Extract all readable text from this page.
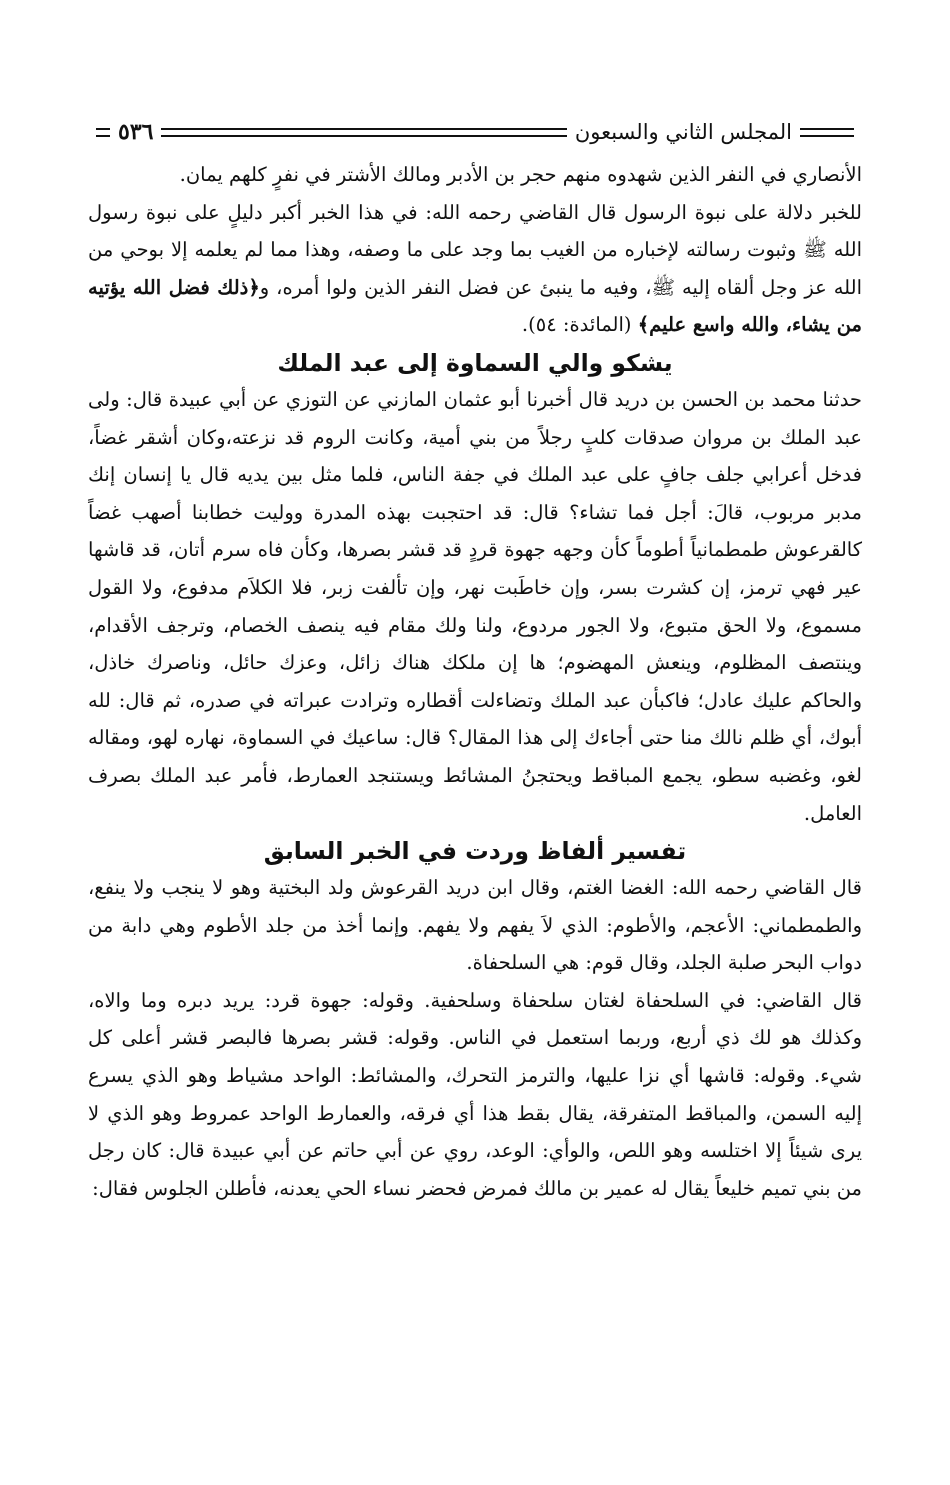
المجلس الثاني والسبعون
٥٣٦

الأنصاري في النفر الذين شهدوه منهم حجر بن الأدبر ومالك الأشتر في نفرٍ كلهم يمان.

للخبر دلالة على نبوة الرسول قال القاضي رحمه الله: في هذا الخبر أكبر دليلٍ على نبوة رسول الله ﷺ وثبوت رسالته لإخباره من الغيب بما وجد على ما وصفه، وهذا مما لم يعلمه إلا بوحي من الله عز وجل ألقاه إليه ﷺ، وفيه ما ينبئ عن فضل النفر الذين ولوا أمره، و﴿ذلك فضل الله يؤتيه من يشاء، والله واسع عليم﴾ (المائدة: ٥٤).

يشكو والي السماوة إلى عبد الملك

حدثنا محمد بن الحسن بن دريد قال أخبرنا أبو عثمان المازني عن التوزي عن أبي عبيدة قال: ولى عبد الملك بن مروان صدقات كلبٍ رجلاً من بني أمية، وكانت الروم قد نزعته،وكان أشقر غضاً، فدخل أعرابي جلف جافٍ على عبد الملك في جفة الناس، فلما مثل بين يديه قال يا إنسان إنك مدبر مربوب، قالَ: أجل فما تشاء؟ قال: قد احتجبت بهذه المدرة ووليت خطابنا أصهب غضاً كالقرعوش طمطمانياً أطوماً كأن وجهه جهوة قردٍ قد قشر بصرها، وكأن فاه سرم أتان، قد قاشها عير فهي ترمز، إن كشرت بسر، وإن خاطَبت نهر، وإن تألفت زبر، فلا الكلاَم مدفوع، ولا القول مسموع، ولا الحق متبوع، ولا الجور مردوع، ولنا ولك مقام فيه ينصف الخصام، وترجف الأقدام، وينتصف المظلوم، وينعش المهضوم؛ ها إن ملكك هناك زائل، وعزك حائل، وناصرك خاذل، والحاكم عليك عادل؛ فاكبأن عبد الملك وتضاءلت أقطاره وترادت عبراته في صدره، ثم قال: لله أبوك، أي ظلم نالك منا حتى أجاءك إلى هذا المقال؟ قال: ساعيك في السماوة، نهاره لهو، ومقاله لغو، وغضبه سطو، يجمع المباقط ويحتجنُ المشائط ويستنجد العمارط، فأمر عبد الملك بصرف العامل.

تفسير ألفاظ وردت في الخبر السابق

قال القاضي رحمه الله: الغضا الغتم، وقال ابن دريد القرعوش ولد البختية وهو لا ينجب ولا ينفع، والطمطماني: الأعجم، والأطوم: الذي لاَ يفهم ولا يفهم. وإنما أخذ من جلد الأطوم وهي دابة من دواب البحر صلبة الجلد، وقال قوم: هي السلحفاة.

قال القاضي: في السلحفاة لغتان سلحفاة وسلحفية. وقوله: جهوة قرد: يريد دبره وما والاه، وكذلك هو لك ذي أربع، وربما استعمل في الناس. وقوله: قشر بصرها فالبصر قشر أعلى كل شيء. وقوله: قاشها أي نزا عليها، والترمز التحرك، والمشائط: الواحد مشياط وهو الذي يسرع إليه السمن، والمباقط المتفرقة، يقال بقط هذا أي فرقه، والعمارط الواحد عمروط وهو الذي لا يرى شيئاً إلا اختلسه وهو اللص، والوأي: الوعد، روي عن أبي حاتم عن أبي عبيدة قال: كان رجل من بني تميم خليعاً يقال له عمير بن مالك فمرض فحضر نساء الحي يعدنه، فأطلن الجلوس فقال:
